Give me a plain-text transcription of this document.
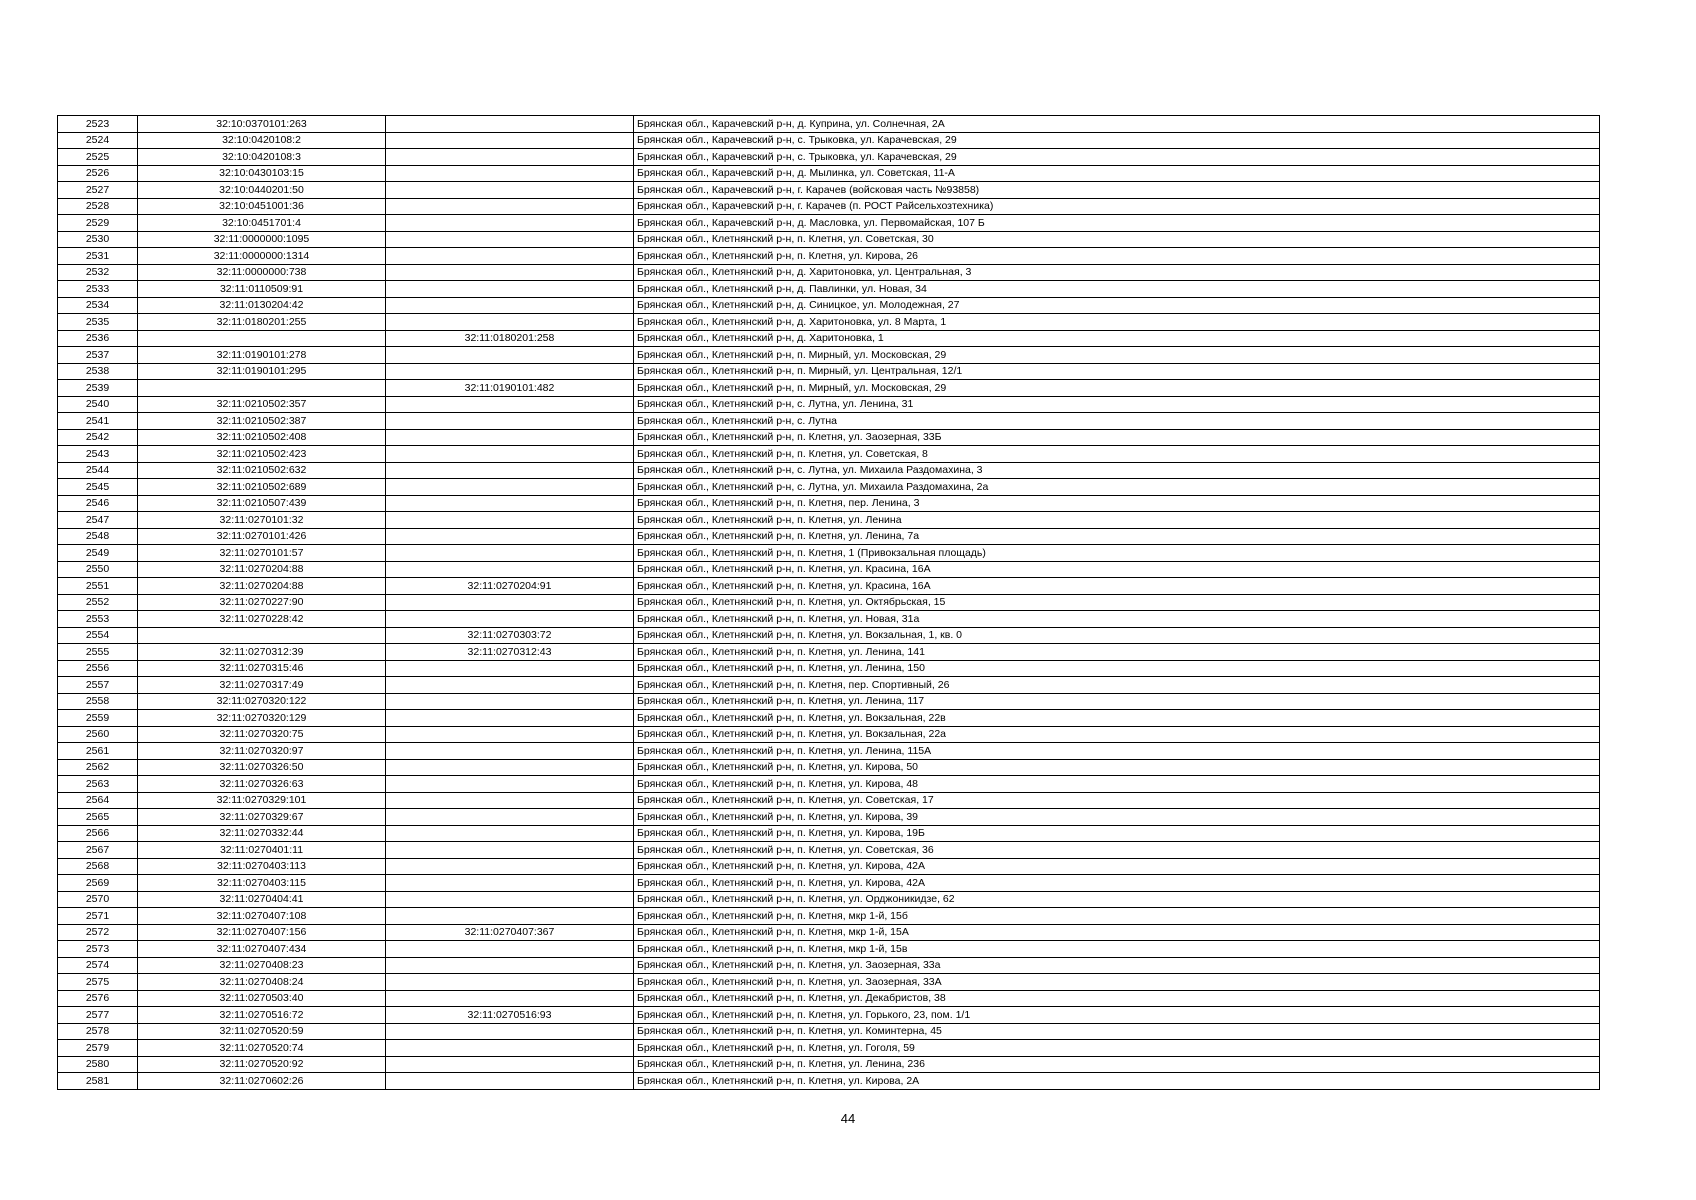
2523	32:10:0370101:263		Брянская обл., Карачевский р-н, д. Куприна, ул. Солнечная, 2А
2524	32:10:0420108:2		Брянская обл., Карачевский р-н, с. Трыковка, ул. Карачевская, 29
2525	32:10:0420108:3		Брянская обл., Карачевский р-н, с. Трыковка, ул. Карачевская, 29
2526	32:10:0430103:15		Брянская обл., Карачевский р-н, д. Мылинка, ул. Советская, 11-А
2527	32:10:0440201:50		Брянская обл., Карачевский р-н, г. Карачев (войсковая часть №93858)
2528	32:10:0451001:36		Брянская обл., Карачевский р-н, г. Карачев (п. РОСТ Райсельхозтехника)
2529	32:10:0451701:4		Брянская обл., Карачевский р-н, д. Масловка, ул. Первомайская, 107 Б
2530	32:11:0000000:1095		Брянская обл., Клетнянский р-н, п. Клетня, ул. Советская, 30
2531	32:11:0000000:1314		Брянская обл., Клетнянский р-н, п. Клетня, ул. Кирова, 26
2532	32:11:0000000:738		Брянская обл., Клетнянский р-н, д. Харитоновка, ул. Центральная, 3
2533	32:11:0110509:91		Брянская обл., Клетнянский р-н, д. Павлинки, ул. Новая, 34
2534	32:11:0130204:42		Брянская обл., Клетнянский р-н, д. Синицкое, ул. Молодежная, 27
2535	32:11:0180201:255		Брянская обл., Клетнянский р-н, д. Харитоновка, ул. 8 Марта, 1
2536		32:11:0180201:258	Брянская обл., Клетнянский р-н, д. Харитоновка, 1
2537	32:11:0190101:278		Брянская обл., Клетнянский р-н, п. Мирный, ул. Московская, 29
2538	32:11:0190101:295		Брянская обл., Клетнянский р-н, п. Мирный, ул. Центральная, 12/1
2539		32:11:0190101:482	Брянская обл., Клетнянский р-н, п. Мирный, ул. Московская, 29
2540	32:11:0210502:357		Брянская обл., Клетнянский р-н, с. Лутна, ул. Ленина, 31
2541	32:11:0210502:387		Брянская обл., Клетнянский р-н, с. Лутна
2542	32:11:0210502:408		Брянская обл., Клетнянский р-н, п. Клетня, ул. Заозерная, 33Б
2543	32:11:0210502:423		Брянская обл., Клетнянский р-н, п. Клетня, ул. Советская, 8
2544	32:11:0210502:632		Брянская обл., Клетнянский р-н, с. Лутна, ул. Михаила Раздомахина, 3
2545	32:11:0210502:689		Брянская обл., Клетнянский р-н, с. Лутна, ул. Михаила Раздомахина, 2а
2546	32:11:0210507:439		Брянская обл., Клетнянский р-н, п. Клетня, пер. Ленина, 3
2547	32:11:0270101:32		Брянская обл., Клетнянский р-н, п. Клетня, ул. Ленина
2548	32:11:0270101:426		Брянская обл., Клетнянский р-н, п. Клетня, ул. Ленина, 7а
2549	32:11:0270101:57		Брянская обл., Клетнянский р-н, п. Клетня, 1 (Привокзальная площадь)
2550	32:11:0270204:88		Брянская обл., Клетнянский р-н, п. Клетня, ул. Красина, 16А
2551	32:11:0270204:88	32:11:0270204:91	Брянская обл., Клетнянский р-н, п. Клетня, ул. Красина, 16А
2552	32:11:0270227:90		Брянская обл., Клетнянский р-н, п. Клетня, ул. Октябрьская, 15
2553	32:11:0270228:42		Брянская обл., Клетнянский р-н, п. Клетня, ул. Новая, 31а
2554		32:11:0270303:72	Брянская обл., Клетнянский р-н, п. Клетня, ул. Вокзальная, 1, кв. 0
2555	32:11:0270312:39	32:11:0270312:43	Брянская обл., Клетнянский р-н, п. Клетня, ул. Ленина, 141
2556	32:11:0270315:46		Брянская обл., Клетнянский р-н, п. Клетня, ул. Ленина, 150
2557	32:11:0270317:49		Брянская обл., Клетнянский р-н, п. Клетня, пер. Спортивный, 26
2558	32:11:0270320:122		Брянская обл., Клетнянский р-н, п. Клетня, ул. Ленина, 117
2559	32:11:0270320:129		Брянская обл., Клетнянский р-н, п. Клетня, ул. Вокзальная, 22в
2560	32:11:0270320:75		Брянская обл., Клетнянский р-н, п. Клетня, ул. Вокзальная, 22а
2561	32:11:0270320:97		Брянская обл., Клетнянский р-н, п. Клетня, ул. Ленина, 115А
2562	32:11:0270326:50		Брянская обл., Клетнянский р-н, п. Клетня, ул. Кирова, 50
2563	32:11:0270326:63		Брянская обл., Клетнянский р-н, п. Клетня, ул. Кирова, 48
2564	32:11:0270329:101		Брянская обл., Клетнянский р-н, п. Клетня, ул. Советская, 17
2565	32:11:0270329:67		Брянская обл., Клетнянский р-н, п. Клетня, ул. Кирова, 39
2566	32:11:0270332:44		Брянская обл., Клетнянский р-н, п. Клетня, ул. Кирова, 19Б
2567	32:11:0270401:11		Брянская обл., Клетнянский р-н, п. Клетня, ул. Советская, 36
2568	32:11:0270403:113		Брянская обл., Клетнянский р-н, п. Клетня, ул. Кирова, 42А
2569	32:11:0270403:115		Брянская обл., Клетнянский р-н, п. Клетня, ул. Кирова, 42А
2570	32:11:0270404:41		Брянская обл., Клетнянский р-н, п. Клетня, ул. Орджоникидзе, 62
2571	32:11:0270407:108		Брянская обл., Клетнянский р-н, п. Клетня, мкр 1-й, 15б
2572	32:11:0270407:156	32:11:0270407:367	Брянская обл., Клетнянский р-н, п. Клетня, мкр 1-й, 15А
2573	32:11:0270407:434		Брянская обл., Клетнянский р-н, п. Клетня, мкр 1-й, 15в
2574	32:11:0270408:23		Брянская обл., Клетнянский р-н, п. Клетня, ул. Заозерная, 33а
2575	32:11:0270408:24		Брянская обл., Клетнянский р-н, п. Клетня, ул. Заозерная, 33А
2576	32:11:0270503:40		Брянская обл., Клетнянский р-н, п. Клетня, ул. Декабристов, 38
2577	32:11:0270516:72	32:11:0270516:93	Брянская обл., Клетнянский р-н, п. Клетня, ул. Горького, 23, пом. 1/1
2578	32:11:0270520:59		Брянская обл., Клетнянский р-н, п. Клетня, ул. Коминтерна, 45
2579	32:11:0270520:74		Брянская обл., Клетнянский р-н, п. Клетня, ул. Гоголя, 59
2580	32:11:0270520:92		Брянская обл., Клетнянский р-н, п. Клетня, ул. Ленина, 236
2581	32:11:0270602:26		Брянская обл., Клетнянский р-н, п. Клетня, ул. Кирова, 2А
44
